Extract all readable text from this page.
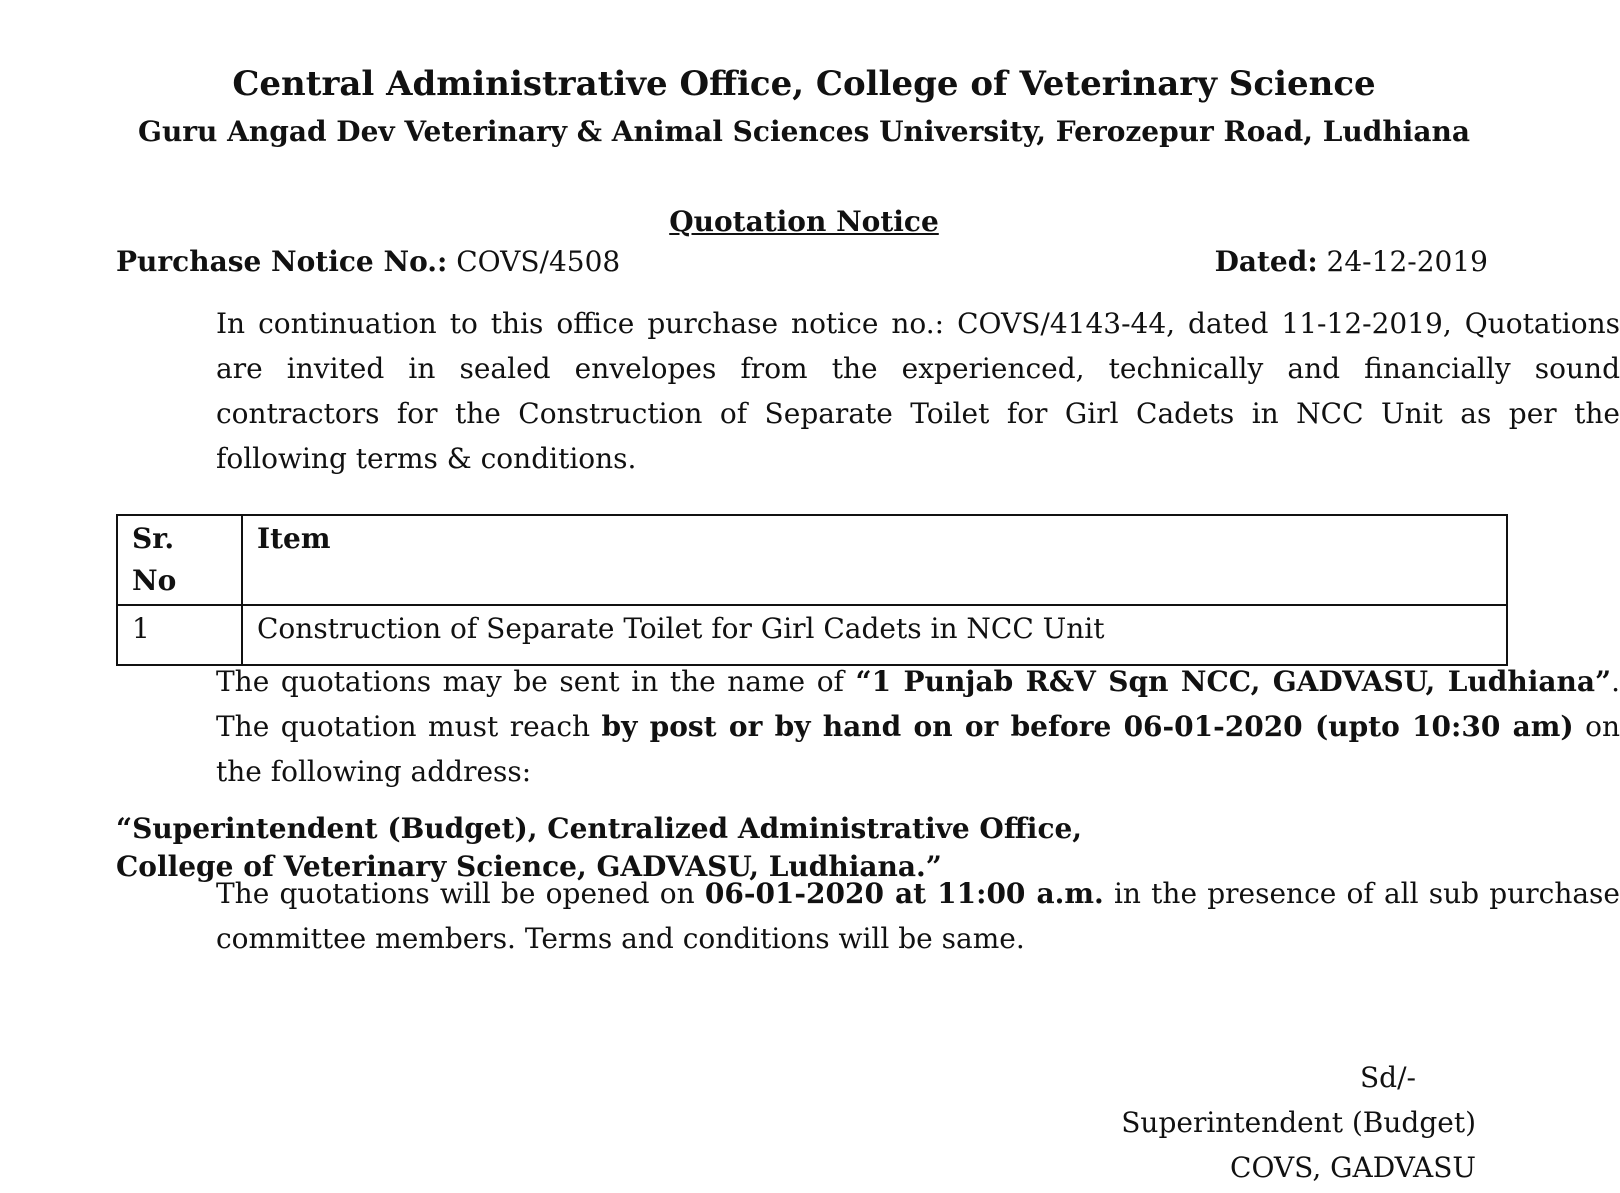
Central Administrative Office, College of Veterinary Science
Guru Angad Dev Veterinary & Animal Sciences University, Ferozepur Road, Ludhiana
Quotation Notice
Purchase Notice No.: COVS/4508	Dated: 24-12-2019
In continuation to this office purchase notice no.: COVS/4143-44, dated 11-12-2019, Quotations are invited in sealed envelopes from the experienced, technically and financially sound contractors for the Construction of Separate Toilet for Girl Cadets in NCC Unit as per the following terms & conditions.
Sr. No	Item
1	Construction of Separate Toilet for Girl Cadets in NCC Unit
The quotations may be sent in the name of “1 Punjab R&V Sqn NCC, GADVASU, Ludhiana”. The quotation must reach by post or by hand on or before 06-01-2020 (upto 10:30 am) on the following address:
“Superintendent (Budget), Centralized Administrative Office,
College of Veterinary Science, GADVASU, Ludhiana.”
The quotations will be opened on 06-01-2020 at 11:00 a.m. in the presence of all sub purchase committee members. Terms and conditions will be same.
Sd/-
Superintendent (Budget)
COVS, GADVASU
